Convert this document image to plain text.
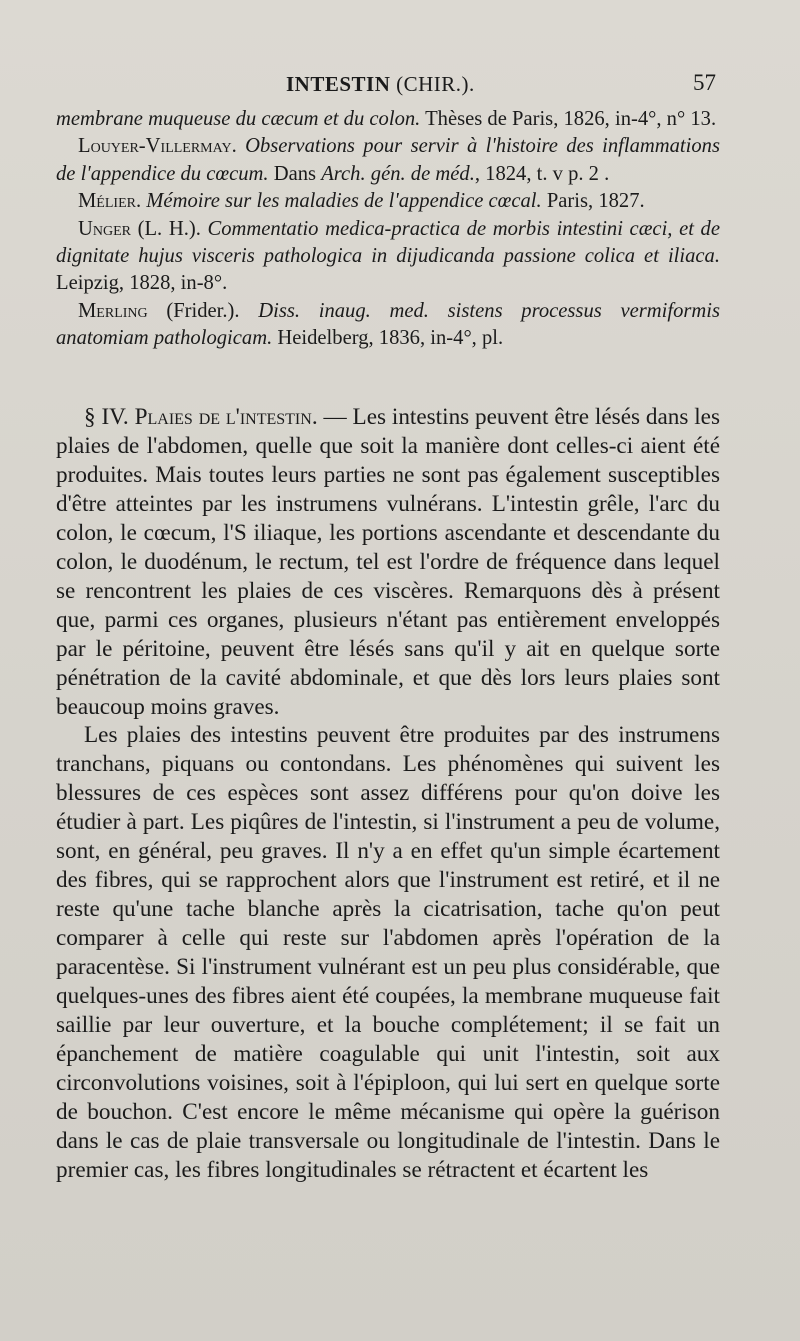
INTESTIN (CHIR.).	57

membrane muqueuse du cæcum et du colon. Thèses de Paris, 1826, in-4°, n° 13.

Louyer-Villermay. Observations pour servir à l'histoire des inflammations de l'appendice du cœcum. Dans Arch. gén. de méd., 1824, t. v p. 2 .

Mélier. Mémoire sur les maladies de l'appendice cœcal. Paris, 1827.

Unger (L. H.). Commentatio medica-practica de morbis intestini cæci, et de dignitate hujus visceris pathologica in dijudicanda passione colica et iliaca. Leipzig, 1828, in-8°.

Merling (Frider.). Diss. inaug. med. sistens processus vermiformis anatomiam pathologicam. Heidelberg, 1836, in-4°, pl.

§ IV. Plaies de l'intestin. — Les intestins peuvent être lésés dans les plaies de l'abdomen, quelle que soit la manière dont celles-ci aient été produites. Mais toutes leurs parties ne sont pas également susceptibles d'être atteintes par les instrumens vulnérans. L'intestin grêle, l'arc du colon, le cœcum, l'S iliaque, les portions ascendante et descendante du colon, le duodénum, le rectum, tel est l'ordre de fréquence dans lequel se rencontrent les plaies de ces viscères. Remarquons dès à présent que, parmi ces organes, plusieurs n'étant pas entièrement enveloppés par le péritoine, peuvent être lésés sans qu'il y ait en quelque sorte pénétration de la cavité abdominale, et que dès lors leurs plaies sont beaucoup moins graves.

Les plaies des intestins peuvent être produites par des instrumens tranchans, piquans ou contondans. Les phénomènes qui suivent les blessures de ces espèces sont assez différens pour qu'on doive les étudier à part. Les piqûres de l'intestin, si l'instrument a peu de volume, sont, en général, peu graves. Il n'y a en effet qu'un simple écartement des fibres, qui se rapprochent alors que l'instrument est retiré, et il ne reste qu'une tache blanche après la cicatrisation, tache qu'on peut comparer à celle qui reste sur l'abdomen après l'opération de la paracentèse. Si l'instrument vulnérant est un peu plus considérable, que quelques-unes des fibres aient été coupées, la membrane muqueuse fait saillie par leur ouverture, et la bouche complétement; il se fait un épanchement de matière coagulable qui unit l'intestin, soit aux circonvolutions voisines, soit à l'épiploon, qui lui sert en quelque sorte de bouchon. C'est encore le même mécanisme qui opère la guérison dans le cas de plaie transversale ou longitudinale de l'intestin. Dans le premier cas, les fibres longitudinales se rétractent et écartent les
